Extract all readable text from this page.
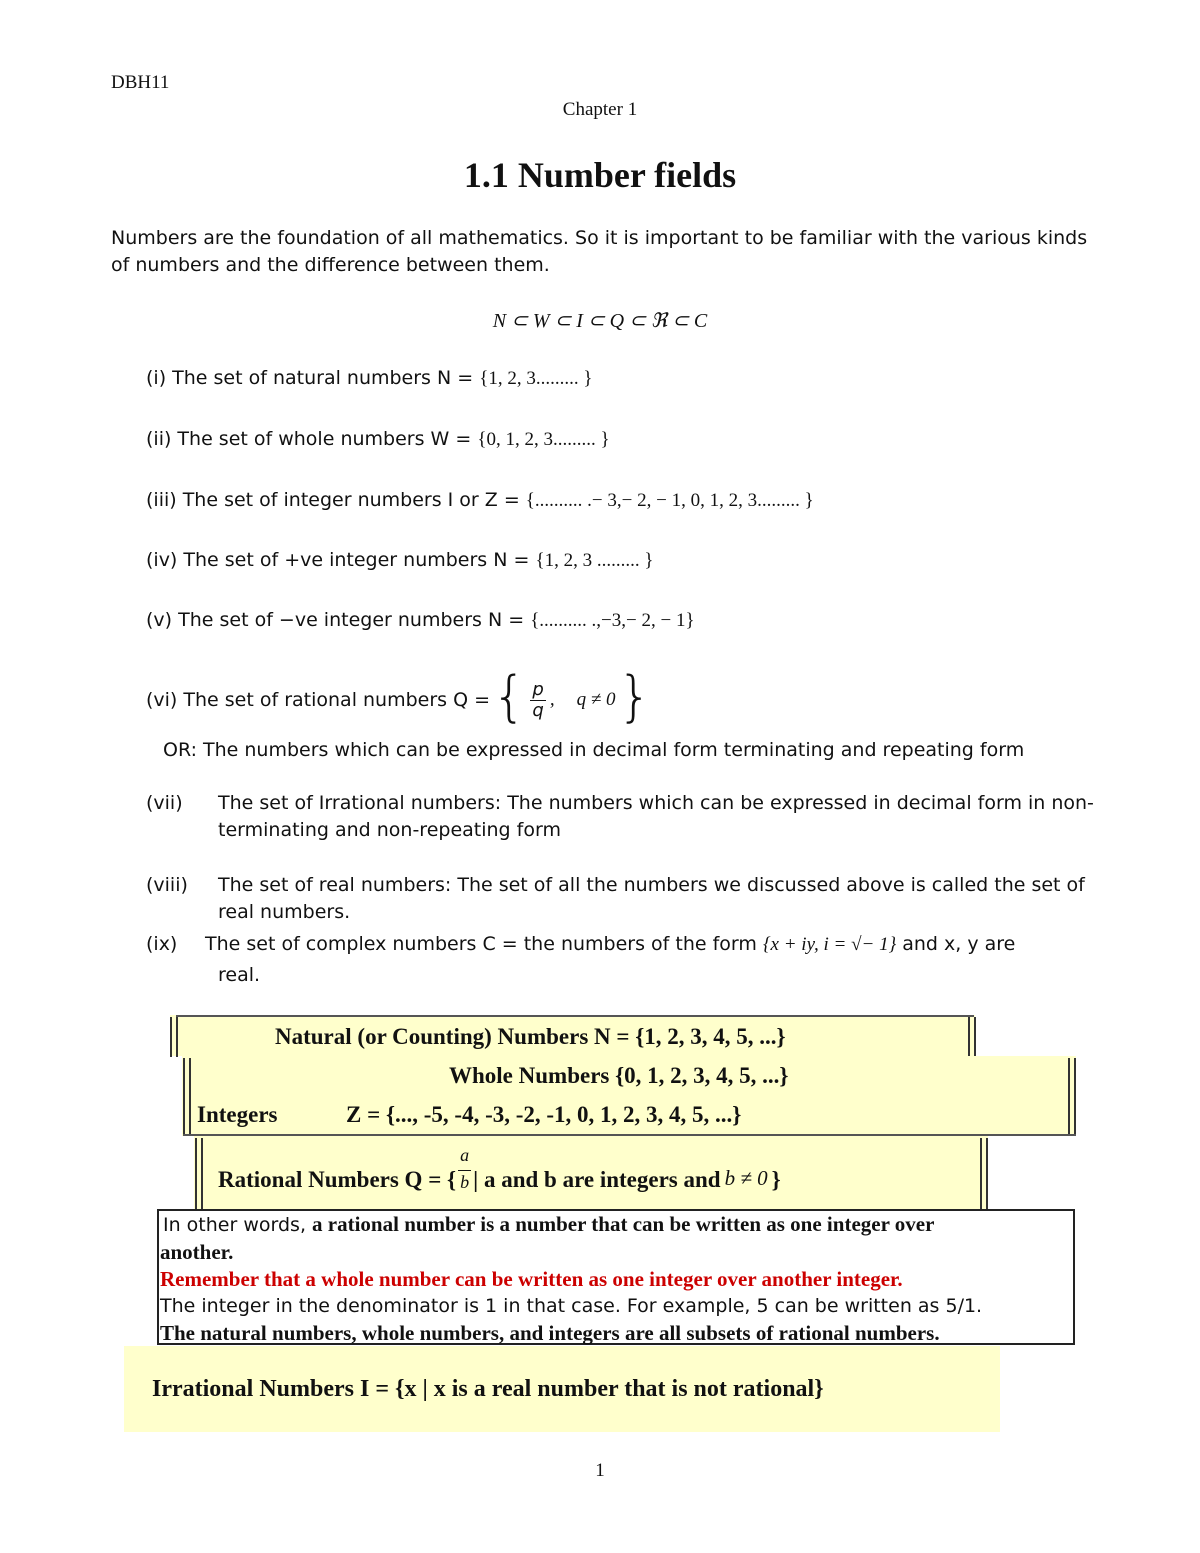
DBH11
Chapter 1
1.1 Number fields
Numbers are the foundation of all mathematics. So it is important to be familiar with the various kinds
of numbers and the difference between them.
N ⊂ W ⊂ I ⊂ Q ⊂ ℜ ⊂ C
(i) The set of natural numbers N = {1, 2, 3......... }
(ii) The set of whole numbers W = {0, 1, 2, 3......... }
(iii) The set of integer numbers I or Z = {.......... .− 3,− 2, − 1, 0, 1, 2, 3......... }
(iv) The set of +ve integer numbers N = {1, 2, 3 ......... }
(v) The set of −ve integer numbers N = {.......... .,−3,− 2, − 1}
(vi) The set of rational numbers Q = { $\frac{p}{q}$ , q ≠ 0 }
OR: The numbers which can be expressed in decimal form terminating and repeating form
(vii) The set of Irrational numbers: The numbers which can be expressed in decimal form in non-
terminating and non-repeating form
(viii) The set of real numbers: The set of all the numbers we discussed above is called the set of
real numbers.
(ix) The set of complex numbers C = the numbers of the form {x + iy, i = √− 1} and x, y are
real.
Natural (or Counting) Numbers N = {1, 2, 3, 4, 5, ...}
Whole Numbers {0, 1, 2, 3, 4, 5, ...}
Integers	Z = {..., -5, -4, -3, -2, -1, 0, 1, 2, 3, 4, 5, ...}
Rational Numbers Q = { $\frac{a}{b}$ | a and b are integers and b ≠ 0 }
In other words, a rational number is a number that can be written as one integer over
another.
Remember that a whole number can be written as one integer over another integer.
The integer in the denominator is 1 in that case. For example, 5 can be written as 5/1.
The natural numbers, whole numbers, and integers are all subsets of rational numbers.
Irrational Numbers I = {x | x is a real number that is not rational}
1
